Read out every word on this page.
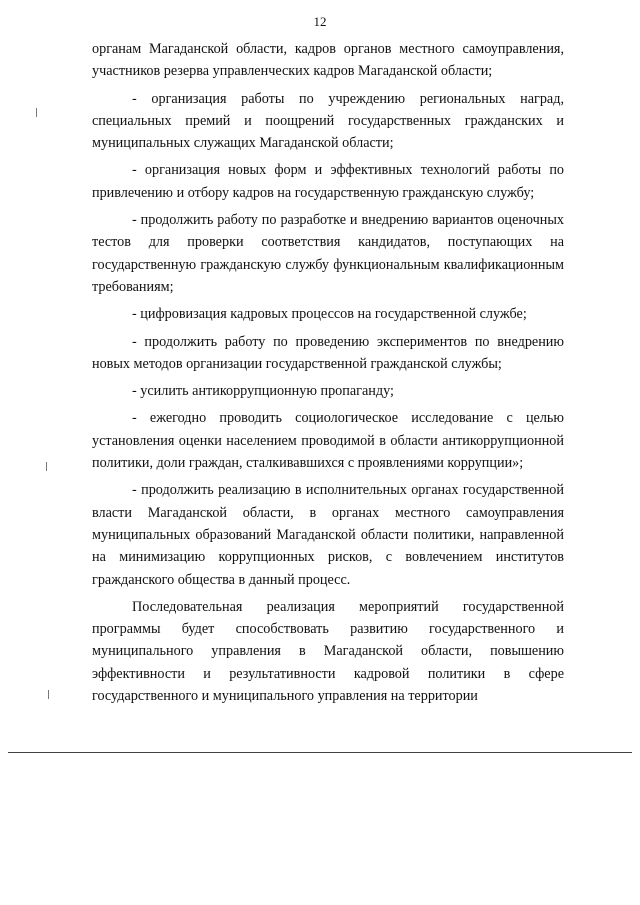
12

органам Магаданской области, кадров органов местного самоуправления, участников резерва управленческих кадров Магаданской области;

- организация работы по учреждению региональных наград, специальных премий и поощрений государственных гражданских и муниципальных служащих Магаданской области;

- организация новых форм и эффективных технологий работы по привлечению и отбору кадров на государственную гражданскую службу;

- продолжить работу по разработке и внедрению вариантов оценочных тестов для проверки соответствия кандидатов, поступающих на государственную гражданскую службу функциональным квалификационным требованиям;

- цифровизация кадровых процессов на государственной службе;

- продолжить работу по проведению экспериментов по внедрению новых методов организации государственной гражданской службы;

- усилить антикоррупционную пропаганду;

- ежегодно проводить социологическое исследование с целью установления оценки населением проводимой в области антикоррупционной политики, доли граждан, сталкивавшихся с проявлениями коррупции»;

- продолжить реализацию в исполнительных органах государственной власти Магаданской области, в органах местного самоуправления муниципальных образований Магаданской области политики, направленной на минимизацию коррупционных рисков, с вовлечением институтов гражданского общества в данный процесс.

Последовательная реализация мероприятий государственной программы будет способствовать развитию государственного и муниципального управления в Магаданской области, повышению эффективности и результативности кадровой политики в сфере государственного и муниципального управления на территории
